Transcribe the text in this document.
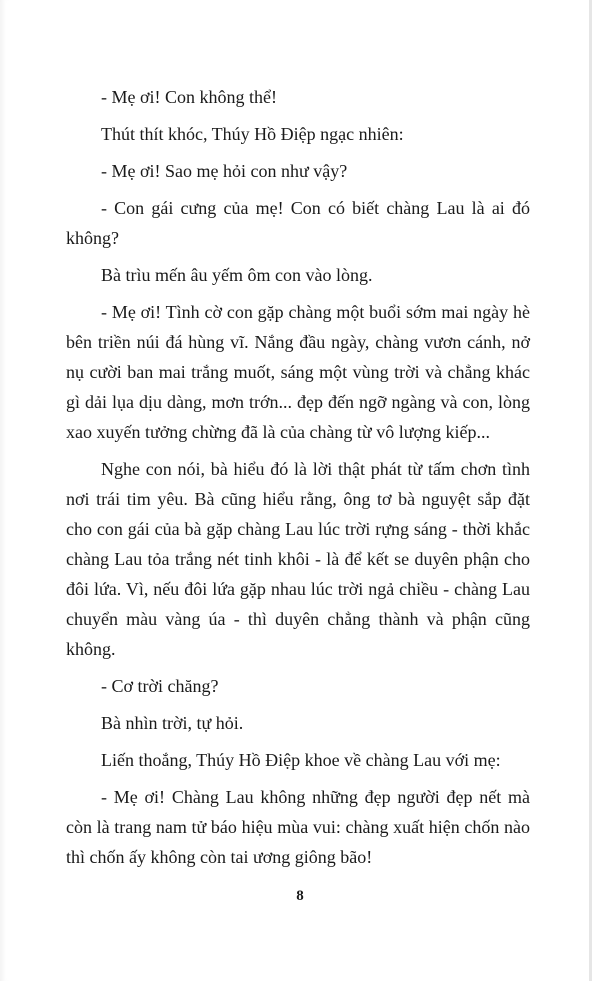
- Mẹ ơi! Con không thể!

Thút thít khóc, Thúy Hồ Điệp ngạc nhiên:

- Mẹ ơi! Sao mẹ hỏi con như vậy?

- Con gái cưng của mẹ! Con có biết chàng Lau là ai đó không?

Bà trìu mến âu yếm ôm con vào lòng.

- Mẹ ơi! Tình cờ con gặp chàng một buổi sớm mai ngày hè bên triền núi đá hùng vĩ. Nắng đầu ngày, chàng vươn cánh, nở nụ cười ban mai trắng muốt, sáng một vùng trời và chẳng khác gì dải lụa dịu dàng, mơn trớn... đẹp đến ngỡ ngàng và con, lòng xao xuyến tưởng chừng đã là của chàng từ vô lượng kiếp...

Nghe con nói, bà hiểu đó là lời thật phát từ tấm chơn tình nơi trái tim yêu. Bà cũng hiểu rằng, ông tơ bà nguyệt sắp đặt cho con gái của bà gặp chàng Lau lúc trời rựng sáng - thời khắc chàng Lau tỏa trắng nét tinh khôi - là để kết se duyên phận cho đôi lứa. Vì, nếu đôi lứa gặp nhau lúc trời ngả chiều - chàng Lau chuyển màu vàng úa - thì duyên chẳng thành và phận cũng không.

- Cơ trời chăng?

Bà nhìn trời, tự hỏi.

Liến thoắng, Thúy Hồ Điệp khoe về chàng Lau với mẹ:

- Mẹ ơi! Chàng Lau không những đẹp người đẹp nết mà còn là trang nam tử báo hiệu mùa vui: chàng xuất hiện chốn nào thì chốn ấy không còn tai ương giông bão!

8
